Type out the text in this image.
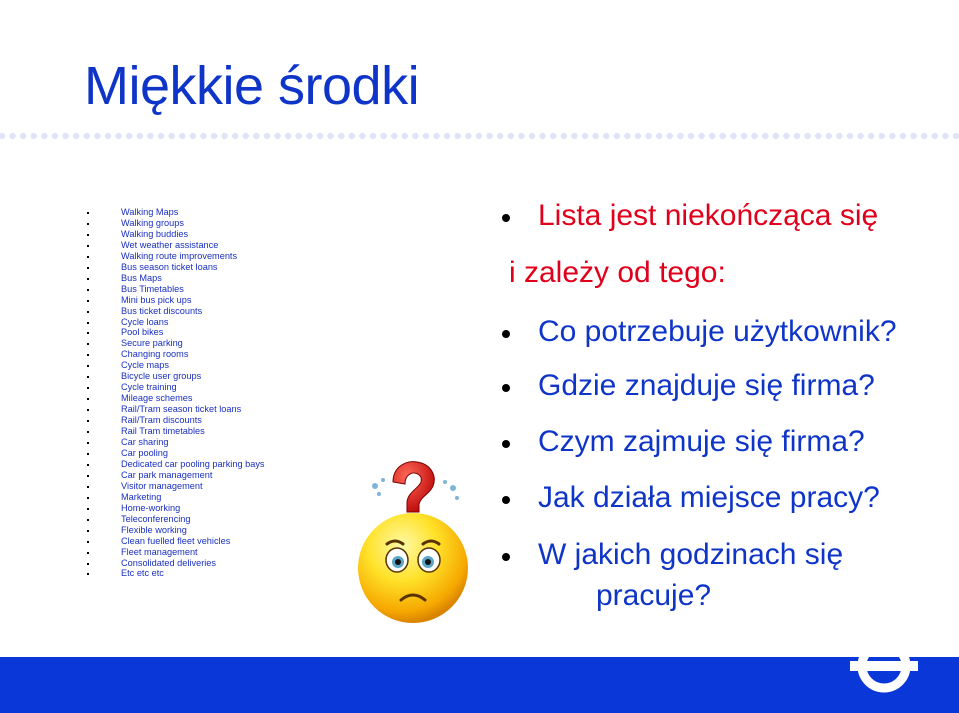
Miękkie środki
Walking Maps
Walking groups
Walking buddies
Wet weather assistance
Walking route improvements
Bus season ticket loans
Bus Maps
Bus Timetables
Mini bus pick ups
Bus ticket discounts
Cycle loans
Pool bikes
Secure parking
Changing rooms
Cycle maps
Bicycle user groups
Cycle training
Mileage schemes
Rail/Tram season ticket loans
Rail/Tram discounts
Rail Tram timetables
Car sharing
Car pooling
Dedicated car pooling parking bays
Car park management
Visitor management
Marketing
Home-working
Teleconferencing
Flexible working
Clean fuelled fleet vehicles
Fleet management
Consolidated deliveries
Etc etc etc
Lista jest niekończąca się
i zależy od tego:
Co potrzebuje użytkownik?
Gdzie znajduje się firma?
Czym zajmuje się firma?
Jak działa miejsce pracy?
W jakich godzinach się
pracuje?
